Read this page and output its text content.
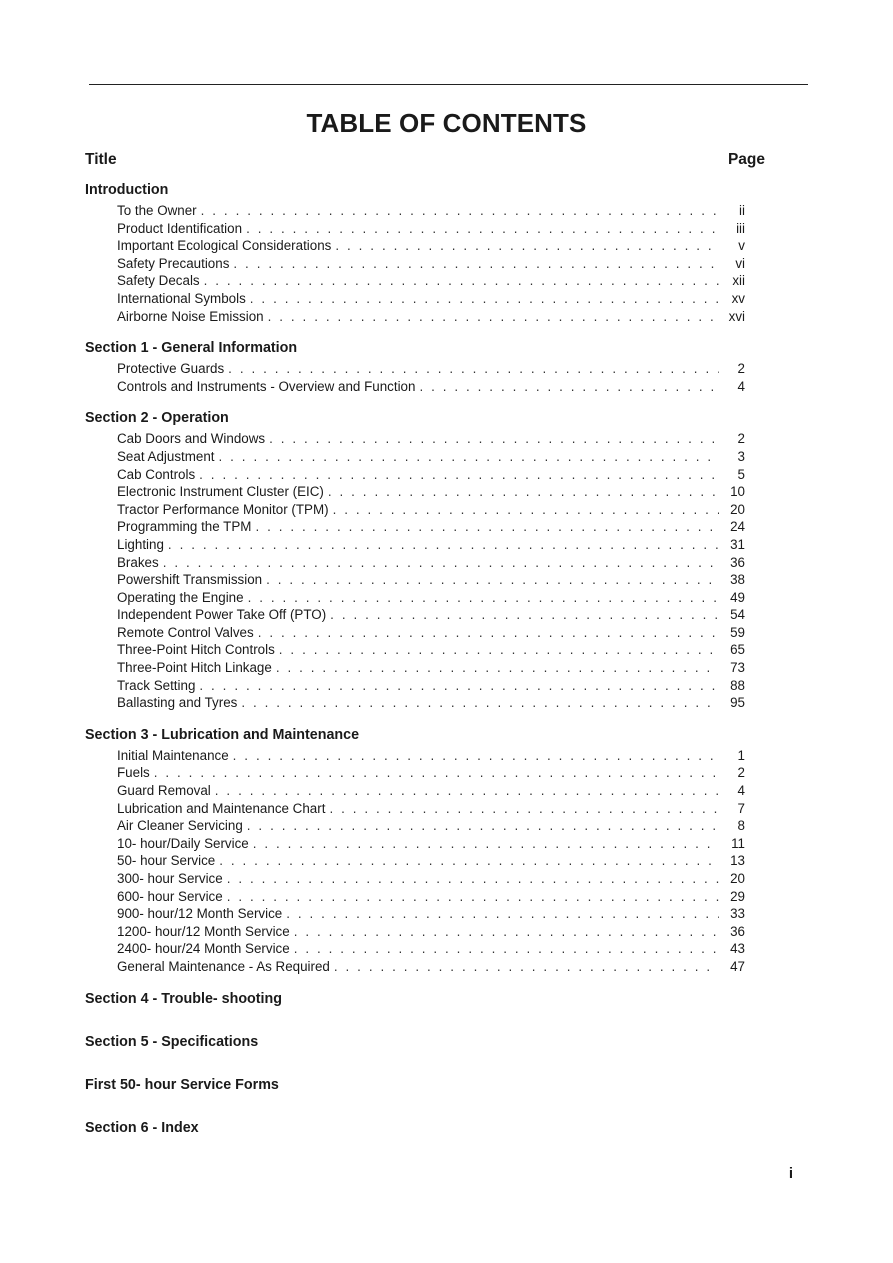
TABLE OF CONTENTS
Title	Page
Introduction
To the Owner . . .	ii
Product Identification . . .	iii
Important Ecological Considerations . . .	v
Safety Precautions . . .	vi
Safety Decals . . .	xii
International Symbols . . .	xv
Airborne Noise Emission . . .	xvi
Section 1 - General Information
Protective Guards . . .	2
Controls and Instruments - Overview and Function . . .	4
Section 2 - Operation
Cab Doors and Windows . . .	2
Seat Adjustment . . .	3
Cab Controls . . .	5
Electronic Instrument Cluster (EIC) . . .	10
Tractor Performance Monitor (TPM) . . .	20
Programming the TPM . . .	24
Lighting . . .	31
Brakes . . .	36
Powershift Transmission . . .	38
Operating the Engine . . .	49
Independent Power Take Off (PTO) . . .	54
Remote Control Valves . . .	59
Three-Point Hitch Controls . . .	65
Three-Point Hitch Linkage . . .	73
Track Setting . . .	88
Ballasting and Tyres . . .	95
Section 3 - Lubrication and Maintenance
Initial Maintenance . . .	1
Fuels . . .	2
Guard Removal . . .	4
Lubrication and Maintenance Chart . . .	7
Air Cleaner Servicing . . .	8
10- hour/Daily Service . . .	11
50- hour Service . . .	13
300- hour Service . . .	20
600- hour Service . . .	29
900- hour/12 Month Service . . .	33
1200- hour/12 Month Service . . .	36
2400- hour/24 Month Service . . .	43
General Maintenance - As Required . . .	47
Section 4 - Trouble- shooting
Section 5 - Specifications
First 50- hour Service Forms
Section 6 - Index
i
